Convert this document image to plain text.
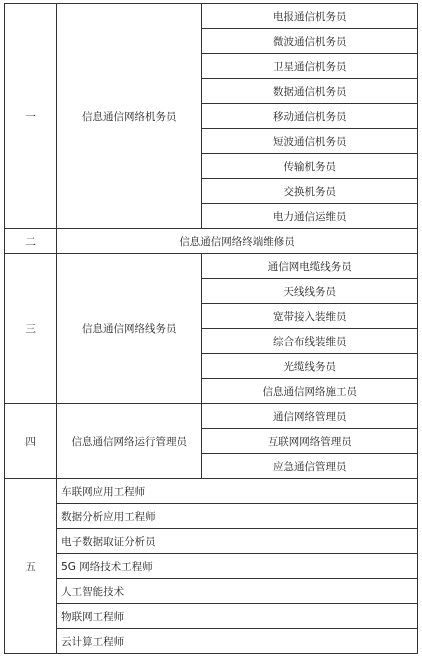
一	信息通信网络机务员	电报通信机务员
		微波通信机务员
		卫星通信机务员
		数据通信机务员
		移动通信机务员
		短波通信机务员
		传输机务员
		交换机务员
		电力通信运维员
二	信息通信网络终端维修员	
三	信息通信网络线务员	通信网电缆线务员
		天线线务员
		宽带接入装维员
		综合布线装维员
		光缆线务员
		信息通信网络施工员
四	信息通信网络运行管理员	通信网络管理员
		互联网网络管理员
		应急通信管理员
五	车联网应用工程师	
	数据分析应用工程师	
	电子数据取证分析员	
	5G 网络技术工程师	
	人工智能技术	
	物联网工程师	
	云计算工程师	
